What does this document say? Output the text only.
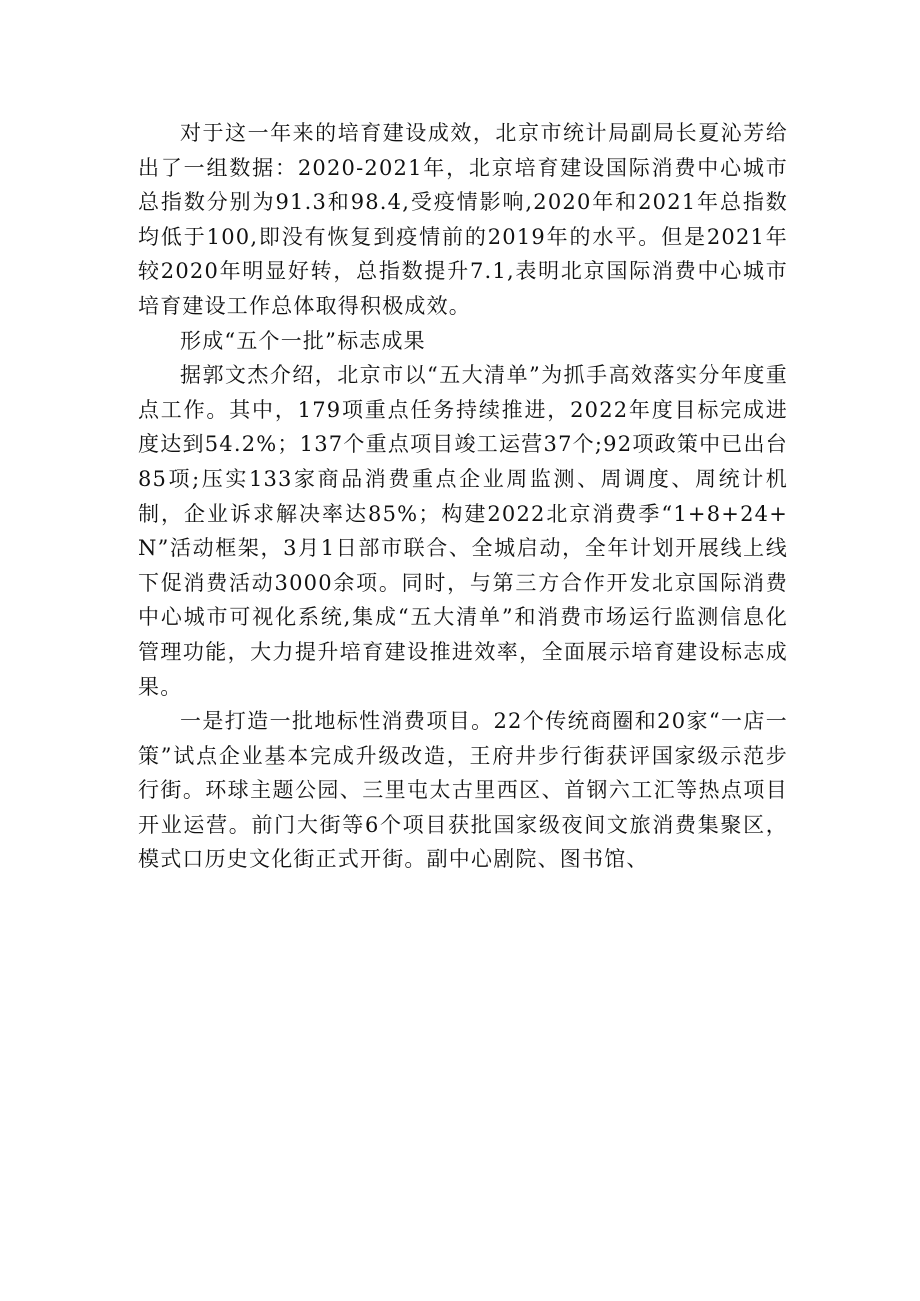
对于这一年来的培育建设成效，北京市统计局副局长夏沁芳给出了一组数据：2020-2021年，北京培育建设国际消费中心城市总指数分别为91.3和98.4,受疫情影响,2020年和2021年总指数均低于100,即没有恢复到疫情前的2019年的水平。但是2021年较2020年明显好转，总指数提升7.1,表明北京国际消费中心城市培育建设工作总体取得积极成效。

形成“五个一批”标志成果

据郭文杰介绍，北京市以“五大清单”为抓手高效落实分年度重点工作。其中，179项重点任务持续推进，2022年度目标完成进度达到54.2%；137个重点项目竣工运营37个;92项政策中已出台85项;压实133家商品消费重点企业周监测、周调度、周统计机制，企业诉求解决率达85%；构建2022北京消费季“1+8+24+N”活动框架，3月1日部市联合、全城启动，全年计划开展线上线下促消费活动3000余项。同时，与第三方合作开发北京国际消费中心城市可视化系统,集成“五大清单”和消费市场运行监测信息化管理功能，大力提升培育建设推进效率，全面展示培育建设标志成果。

一是打造一批地标性消费项目。22个传统商圈和20家“一店一策”试点企业基本完成升级改造，王府井步行街获评国家级示范步行街。环球主题公园、三里屯太古里西区、首钢六工汇等热点项目开业运营。前门大街等6个项目获批国家级夜间文旅消费集聚区，模式口历史文化街正式开街。副中心剧院、图书馆、
